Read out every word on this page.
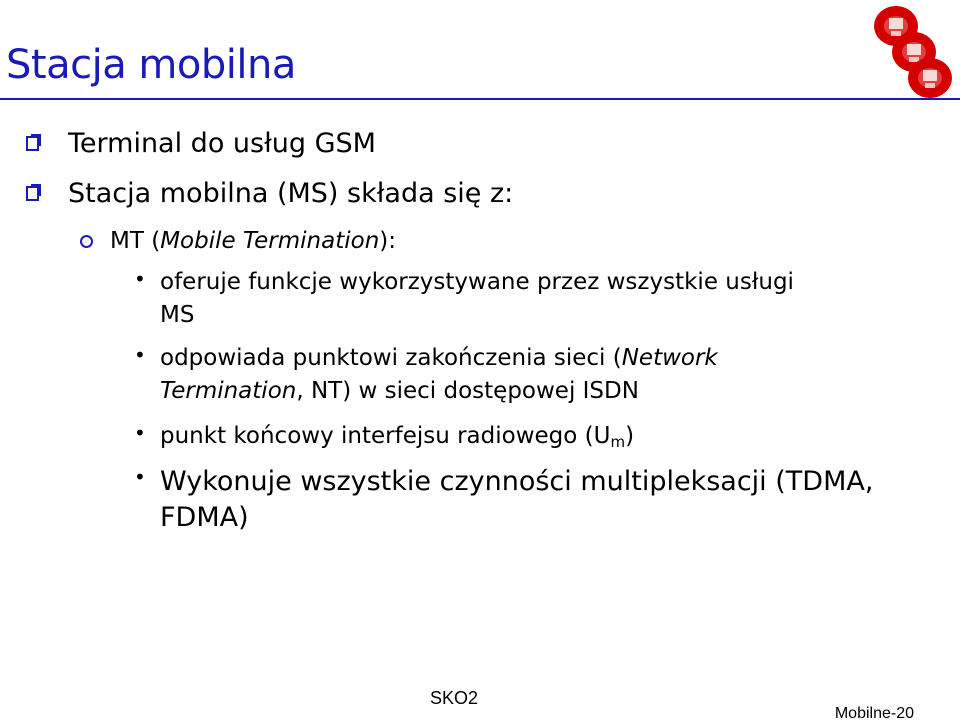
Stacja mobilna
Terminal do usług GSM
Stacja mobilna (MS) składa się z:
MT (Mobile Termination):
• oferuje funkcje wykorzystywane przez wszystkie usługi
MS
• odpowiada punktowi zakończenia sieci (Network
Termination, NT) w sieci dostępowej ISDN
• punkt końcowy interfejsu radiowego $(U_m)$
• Wykonuje wszystkie czynności multipleksacji (TDMA,
FDMA)
SKO2
Mobilne-20
